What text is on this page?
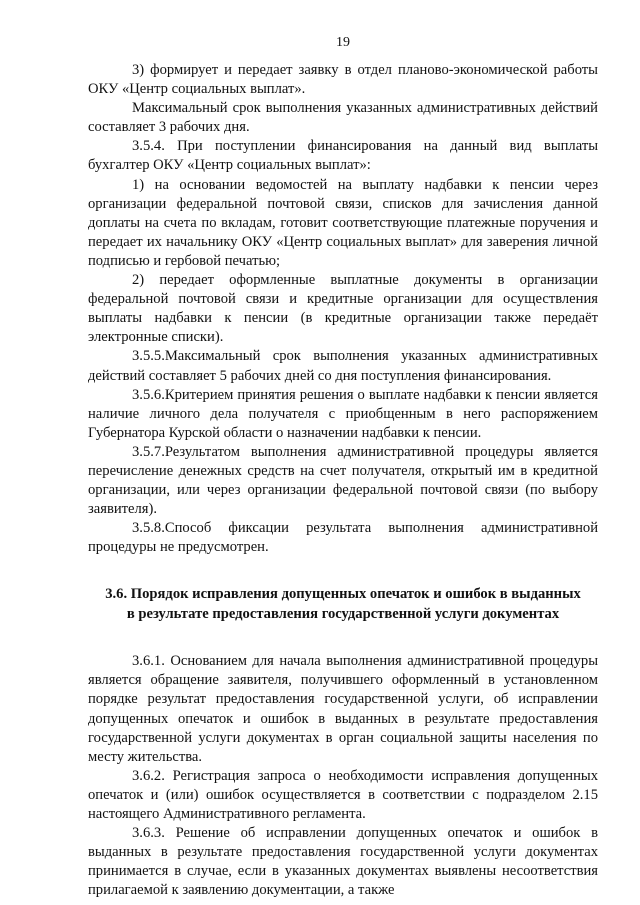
19

3) формирует и передает заявку в отдел планово-экономической работы ОКУ «Центр социальных выплат».

Максимальный срок выполнения указанных административных действий составляет 3 рабочих дня.

3.5.4. При поступлении финансирования на данный вид выплаты бухгалтер ОКУ «Центр социальных выплат»:

1) на основании ведомостей на выплату надбавки к пенсии через организации федеральной почтовой связи, списков для зачисления данной доплаты на счета по вкладам, готовит соответствующие платежные поручения и передает их начальнику ОКУ «Центр социальных выплат» для заверения личной подписью и гербовой печатью;

2) передает оформленные выплатные документы в организации федеральной почтовой связи и кредитные организации для осуществления выплаты надбавки к пенсии (в кредитные организации также передаёт электронные списки).

3.5.5.Максимальный срок выполнения указанных административных действий составляет 5 рабочих дней со дня поступления финансирования.

3.5.6.Критерием принятия решения о выплате надбавки к пенсии является наличие личного дела получателя с приобщенным в него распоряжением Губернатора Курской области о назначении надбавки к пенсии.

3.5.7.Результатом выполнения административной процедуры является перечисление денежных средств на счет получателя, открытый им в кредитной организации, или через организации федеральной почтовой связи (по выбору заявителя).

3.5.8.Способ фиксации результата выполнения административной процедуры не предусмотрен.

3.6. Порядок исправления допущенных опечаток и ошибок в выданных
в результате предоставления государственной услуги документах

3.6.1. Основанием для начала выполнения административной процедуры является обращение заявителя, получившего оформленный в установленном порядке результат предоставления государственной услуги, об исправлении допущенных опечаток и ошибок в выданных в результате предоставления государственной услуги документах в орган социальной защиты населения по месту жительства.

3.6.2. Регистрация запроса о необходимости исправления допущенных опечаток и (или) ошибок осуществляется в соответствии с подразделом 2.15 настоящего Административного регламента.

3.6.3. Решение об исправлении допущенных опечаток и ошибок в выданных в результате предоставления государственной услуги документах принимается в случае, если в указанных документах выявлены несоответствия прилагаемой к заявлению документации, а также
